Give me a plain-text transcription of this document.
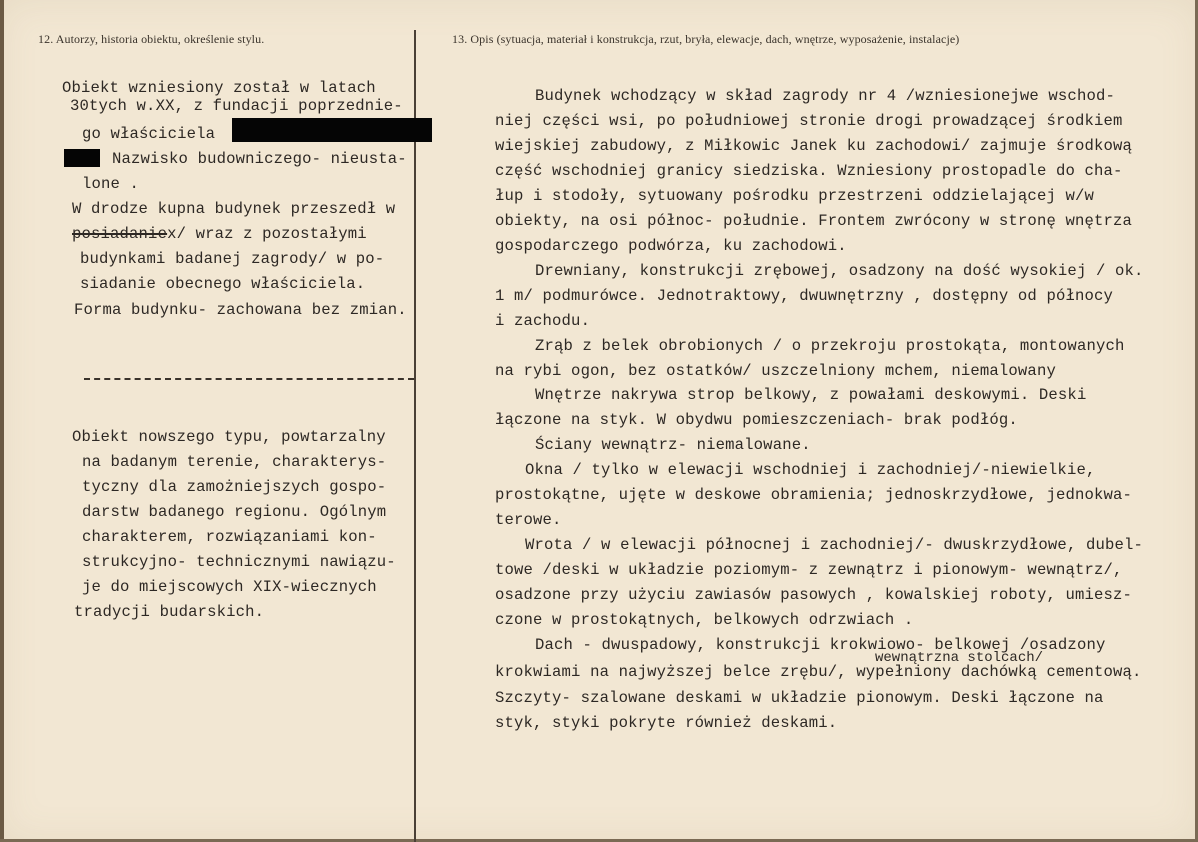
12. Autorzy, historia obiektu, określenie stylu.	13. Opis (sytuacja, materiał i konstrukcja, rzut, bryła, elewacje, dach, wnętrze, wyposażenie, instalacje)
Obiekt wzniesiony został w latach
30tych w.XX, z fundacji poprzednie-
go właściciela
Nazwisko budowniczego- nieusta-
lone .
W drodze kupna budynek przeszedł w
posiadaniex/ wraz z pozostałymi
budynkami badanej zagrody/ w po-
siadanie obecnego właściciela.
Forma budynku- zachowana bez zmian.
Obiekt nowszego typu, powtarzalny
na badanym terenie, charakterys-
tyczny dla zamożniejszych gospo-
darstw badanego regionu. Ogólnym
charakterem, rozwiązaniami kon-
strukcyjno- technicznymi nawiązu-
je do miejscowych XIX-wiecznych
tradycji budarskich.
Budynek wchodzący w skład zagrody nr 4 /wzniesionejwe wschod-
niej części wsi, po południowej stronie drogi prowadzącej środkiem
wiejskiej zabudowy, z Miłkowic Janek ku zachodowi/ zajmuje środkową
część wschodniej granicy siedziska. Wzniesiony prostopadle do cha-
łup i stodoły, sytuowany pośrodku przestrzeni oddzielającej w/w
obiekty, na osi północ- południe. Frontem zwrócony w stronę wnętrza
gospodarczego podwórza, ku zachodowi.
Drewniany, konstrukcji zrębowej, osadzony na dość wysokiej / ok.
1 m/ podmurówce. Jednotraktowy, dwuwnętrzny , dostępny od północy
i zachodu.
Zrąb z belek obrobionych / o przekroju prostokąta, montowanych
na rybi ogon, bez ostatków/ uszczelniony mchem, niemalowany
Wnętrze nakrywa strop belkowy, z powałami deskowymi. Deski
łączone na styk. W obydwu pomieszczeniach- brak podłóg.
Ściany wewnątrz- niemalowane.
Okna / tylko w elewacji wschodniej i zachodniej/-niewielkie,
prostokątne, ujęte w deskowe obramienia; jednoskrzydłowe, jednokwa-
terowe.
Wrota / w elewacji północnej i zachodniej/- dwuskrzydłowe, dubel-
towe /deski w układzie poziomym- z zewnątrz i pionowym- wewnątrz/,
osadzone przy użyciu zawiasów pasowych , kowalskiej roboty, umiesz-
czone w prostokątnych, belkowych odrzwiach .
Dach - dwuspadowy, konstrukcji krokwiowo- belkowej /osadzony
wewnątrzna stolcach/
krokwiami na najwyższej belce zrębu/, wypełniony dachówką cementową.
Szczyty- szalowane deskami w układzie pionowym. Deski łączone na
styk, styki pokryte również deskami.
